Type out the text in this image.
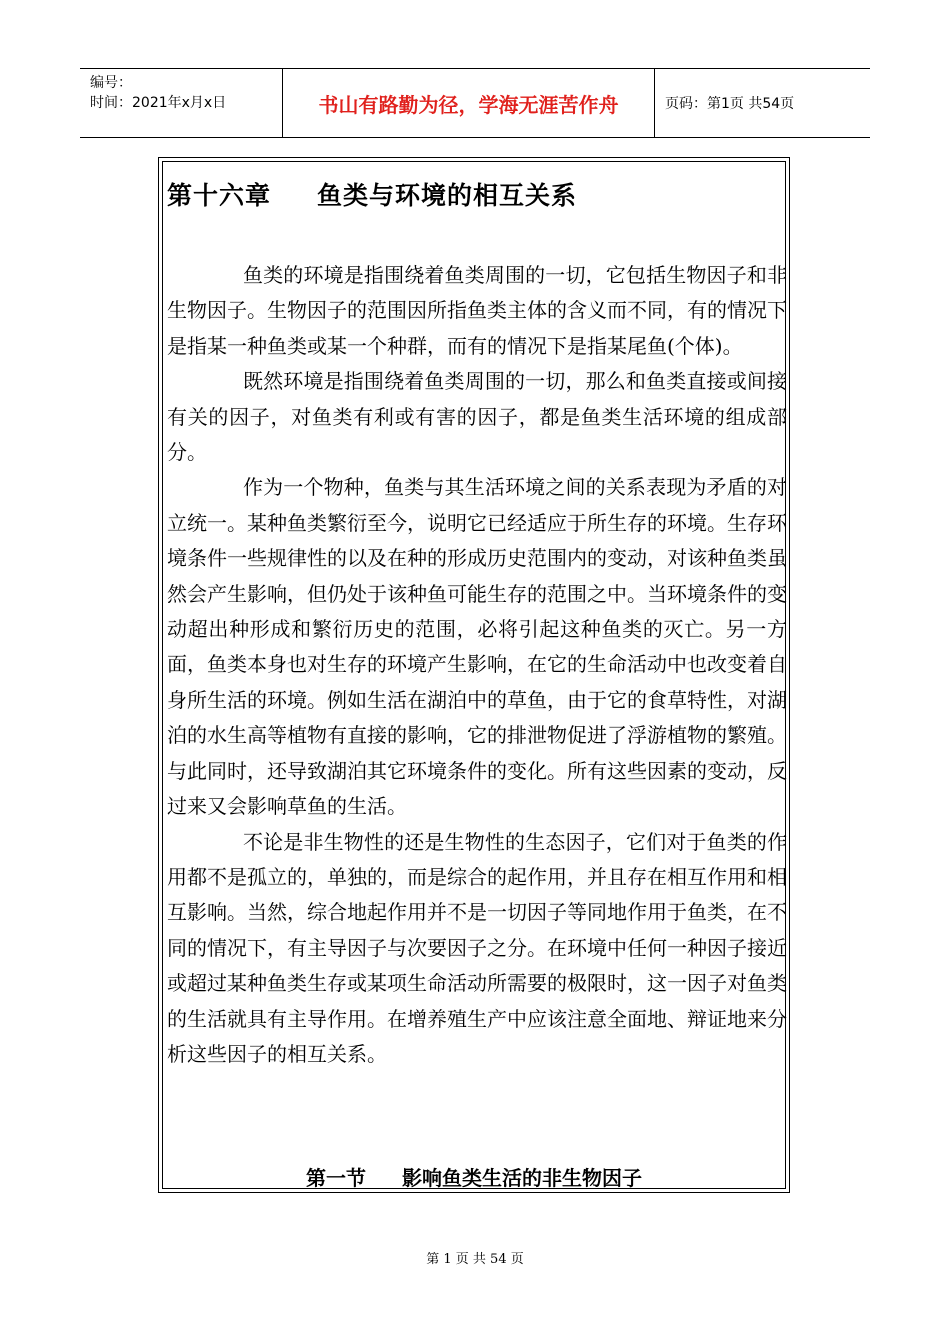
编号：
时间：2021年x月x日	书山有路勤为径，学海无涯苦作舟	页码：第1页 共54页
第十六章 鱼类与环境的相互关系

鱼类的环境是指围绕着鱼类周围的一切，它包括生物因子和非生物因子。生物因子的范围因所指鱼类主体的含义而不同，有的情况下是指某一种鱼类或某一个种群，而有的情况下是指某尾鱼(个体)。

既然环境是指围绕着鱼类周围的一切，那么和鱼类直接或间接有关的因子，对鱼类有利或有害的因子，都是鱼类生活环境的组成部分。

作为一个物种，鱼类与其生活环境之间的关系表现为矛盾的对立统一。某种鱼类繁衍至今，说明它已经适应于所生存的环境。生存环境条件一些规律性的以及在种的形成历史范围内的变动，对该种鱼类虽然会产生影响，但仍处于该种鱼可能生存的范围之中。当环境条件的变动超出种形成和繁衍历史的范围，必将引起这种鱼类的灭亡。另一方面，鱼类本身也对生存的环境产生影响，在它的生命活动中也改变着自身所生活的环境。例如生活在湖泊中的草鱼，由于它的食草特性，对湖泊的水生高等植物有直接的影响，它的排泄物促进了浮游植物的繁殖。与此同时，还导致湖泊其它环境条件的变化。所有这些因素的变动，反过来又会影响草鱼的生活。

不论是非生物性的还是生物性的生态因子，它们对于鱼类的作用都不是孤立的，单独的，而是综合的起作用，并且存在相互作用和相互影响。当然，综合地起作用并不是一切因子等同地作用于鱼类，在不同的情况下，有主导因子与次要因子之分。在环境中任何一种因子接近或超过某种鱼类生存或某项生命活动所需要的极限时，这一因子对鱼类的生活就具有主导作用。在增养殖生产中应该注意全面地、辩证地来分析这些因子的相互关系。

第一节 影响鱼类生活的非生物因子
第 1 页 共 54 页
